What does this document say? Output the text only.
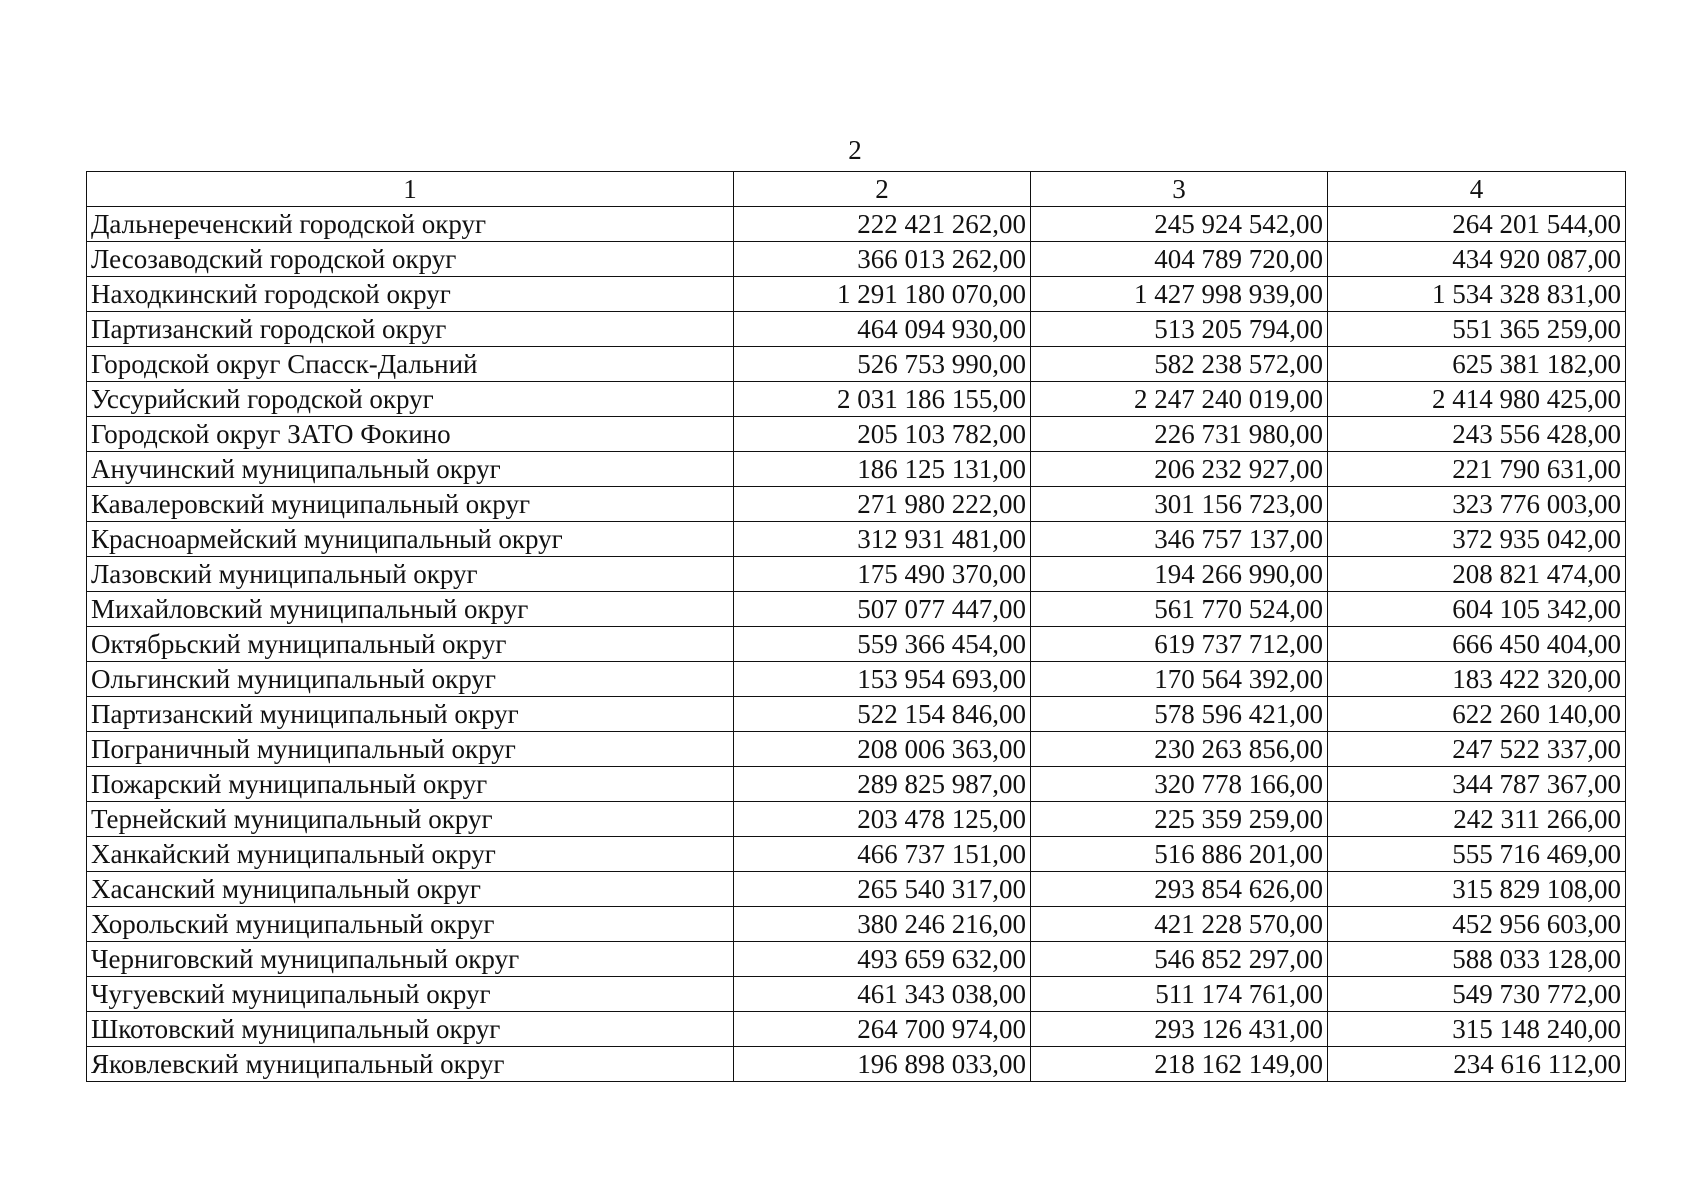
2
1	2	3	4
Дальнереченский городской округ	222 421 262,00	245 924 542,00	264 201 544,00
Лесозаводский городской округ	366 013 262,00	404 789 720,00	434 920 087,00
Находкинский городской округ	1 291 180 070,00	1 427 998 939,00	1 534 328 831,00
Партизанский городской округ	464 094 930,00	513 205 794,00	551 365 259,00
Городской округ Спасск-Дальний	526 753 990,00	582 238 572,00	625 381 182,00
Уссурийский городской округ	2 031 186 155,00	2 247 240 019,00	2 414 980 425,00
Городской округ ЗАТО Фокино	205 103 782,00	226 731 980,00	243 556 428,00
Анучинский муниципальный округ	186 125 131,00	206 232 927,00	221 790 631,00
Кавалеровский муниципальный округ	271 980 222,00	301 156 723,00	323 776 003,00
Красноармейский муниципальный округ	312 931 481,00	346 757 137,00	372 935 042,00
Лазовский муниципальный округ	175 490 370,00	194 266 990,00	208 821 474,00
Михайловский муниципальный округ	507 077 447,00	561 770 524,00	604 105 342,00
Октябрьский муниципальный округ	559 366 454,00	619 737 712,00	666 450 404,00
Ольгинский муниципальный округ	153 954 693,00	170 564 392,00	183 422 320,00
Партизанский муниципальный округ	522 154 846,00	578 596 421,00	622 260 140,00
Пограничный муниципальный округ	208 006 363,00	230 263 856,00	247 522 337,00
Пожарский муниципальный округ	289 825 987,00	320 778 166,00	344 787 367,00
Тернейский муниципальный округ	203 478 125,00	225 359 259,00	242 311 266,00
Ханкайский муниципальный округ	466 737 151,00	516 886 201,00	555 716 469,00
Хасанский муниципальный округ	265 540 317,00	293 854 626,00	315 829 108,00
Хорольский муниципальный округ	380 246 216,00	421 228 570,00	452 956 603,00
Черниговский муниципальный округ	493 659 632,00	546 852 297,00	588 033 128,00
Чугуевский муниципальный округ	461 343 038,00	511 174 761,00	549 730 772,00
Шкотовский муниципальный округ	264 700 974,00	293 126 431,00	315 148 240,00
Яковлевский муниципальный округ	196 898 033,00	218 162 149,00	234 616 112,00
